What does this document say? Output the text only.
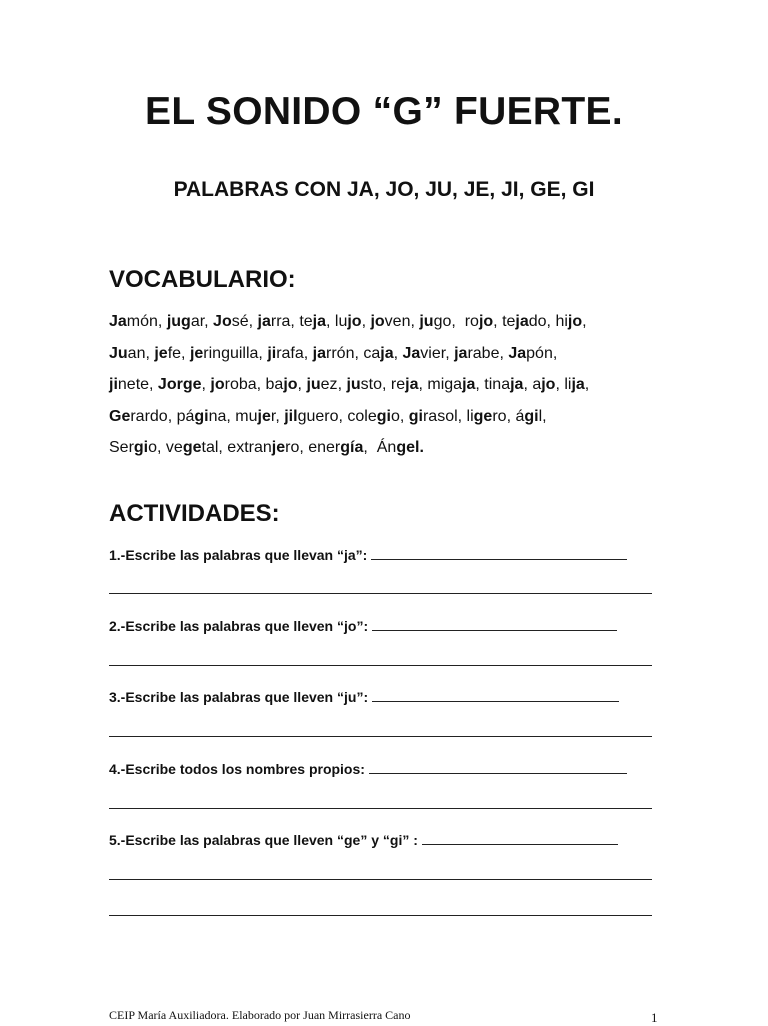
EL SONIDO “G” FUERTE.
PALABRAS CON JA, JO, JU, JE, JI, GE, GI
VOCABULARIO:
Jamón, jugar, José, jarra, teja, lujo, joven, jugo,  rojo, tejado, hijo,
Juan, jefe, jeringuilla, jirafa, jarrón, caja, Javier, jarabe, Japón,
jinete, Jorge, joroba, bajo, juez, justo, reja, migaja, tinaja, ajo, lija,
Gerardo, página, mujer, jilguero, colegio, girasol, ligero, ágil,
Sergio, vegetal, extranjero, energía,  Ángel.
ACTIVIDADES:
1.-Escribe las palabras que llevan “ja”:
2.-Escribe las palabras que lleven “jo”:
3.-Escribe las palabras que lleven “ju”:
4.-Escribe todos los nombres propios:
5.-Escribe las palabras que lleven “ge” y “gi” :
CEIP María Auxiliadora. Elaborado por Juan Mirrasierra Cano	1
